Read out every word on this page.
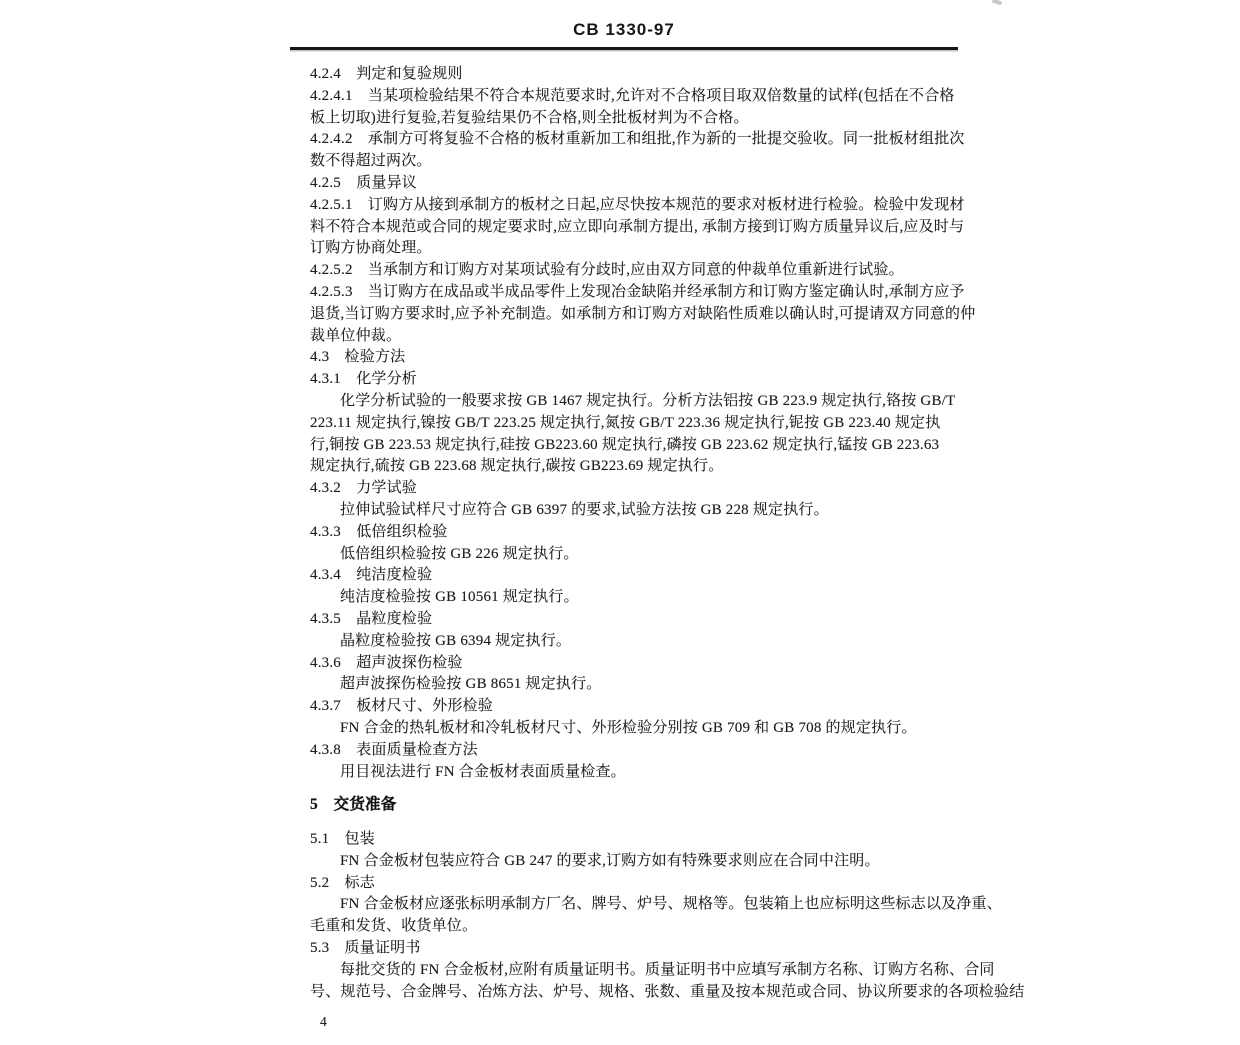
CB 1330-97
4.2.4　判定和复验规则
4.2.4.1　当某项检验结果不符合本规范要求时,允许对不合格项目取双倍数量的试样(包括在不合格
板上切取)进行复验,若复验结果仍不合格,则全批板材判为不合格。
4.2.4.2　承制方可将复验不合格的板材重新加工和组批,作为新的一批提交验收。同一批板材组批次
数不得超过两次。
4.2.5　质量异议
4.2.5.1　订购方从接到承制方的板材之日起,应尽快按本规范的要求对板材进行检验。检验中发现材
料不符合本规范或合同的规定要求时,应立即向承制方提出, 承制方接到订购方质量异议后,应及时与
订购方协商处理。
4.2.5.2　当承制方和订购方对某项试验有分歧时,应由双方同意的仲裁单位重新进行试验。
4.2.5.3　当订购方在成品或半成品零件上发现冶金缺陷并经承制方和订购方鉴定确认时,承制方应予
退货,当订购方要求时,应予补充制造。如承制方和订购方对缺陷性质难以确认时,可提请双方同意的仲
裁单位仲裁。
4.3　检验方法
4.3.1　化学分析
化学分析试验的一般要求按 GB 1467 规定执行。分析方法铝按 GB 223.9 规定执行,铬按 GB/T
223.11 规定执行,镍按 GB/T 223.25 规定执行,氮按 GB/T 223.36 规定执行,铌按 GB 223.40 规定执
行,铜按 GB 223.53 规定执行,硅按 GB223.60 规定执行,磷按 GB 223.62 规定执行,锰按 GB 223.63
规定执行,硫按 GB 223.68 规定执行,碳按 GB223.69 规定执行。
4.3.2　力学试验
拉伸试验试样尺寸应符合 GB 6397 的要求,试验方法按 GB 228 规定执行。
4.3.3　低倍组织检验
低倍组织检验按 GB 226 规定执行。
4.3.4　纯洁度检验
纯洁度检验按 GB 10561 规定执行。
4.3.5　晶粒度检验
晶粒度检验按 GB 6394 规定执行。
4.3.6　超声波探伤检验
超声波探伤检验按 GB 8651 规定执行。
4.3.7　板材尺寸、外形检验
FN 合金的热轧板材和冷轧板材尺寸、外形检验分别按 GB 709 和 GB 708 的规定执行。
4.3.8　表面质量检查方法
用目视法进行 FN 合金板材表面质量检查。
5　交货准备
5.1　包装
FN 合金板材包装应符合 GB 247 的要求,订购方如有特殊要求则应在合同中注明。
5.2　标志
FN 合金板材应逐张标明承制方厂名、牌号、炉号、规格等。包装箱上也应标明这些标志以及净重、
毛重和发货、收货单位。
5.3　质量证明书
每批交货的 FN 合金板材,应附有质量证明书。质量证明书中应填写承制方名称、订购方名称、合同
号、规范号、合金牌号、冶炼方法、炉号、规格、张数、重量及按本规范或合同、协议所要求的各项检验结
4
